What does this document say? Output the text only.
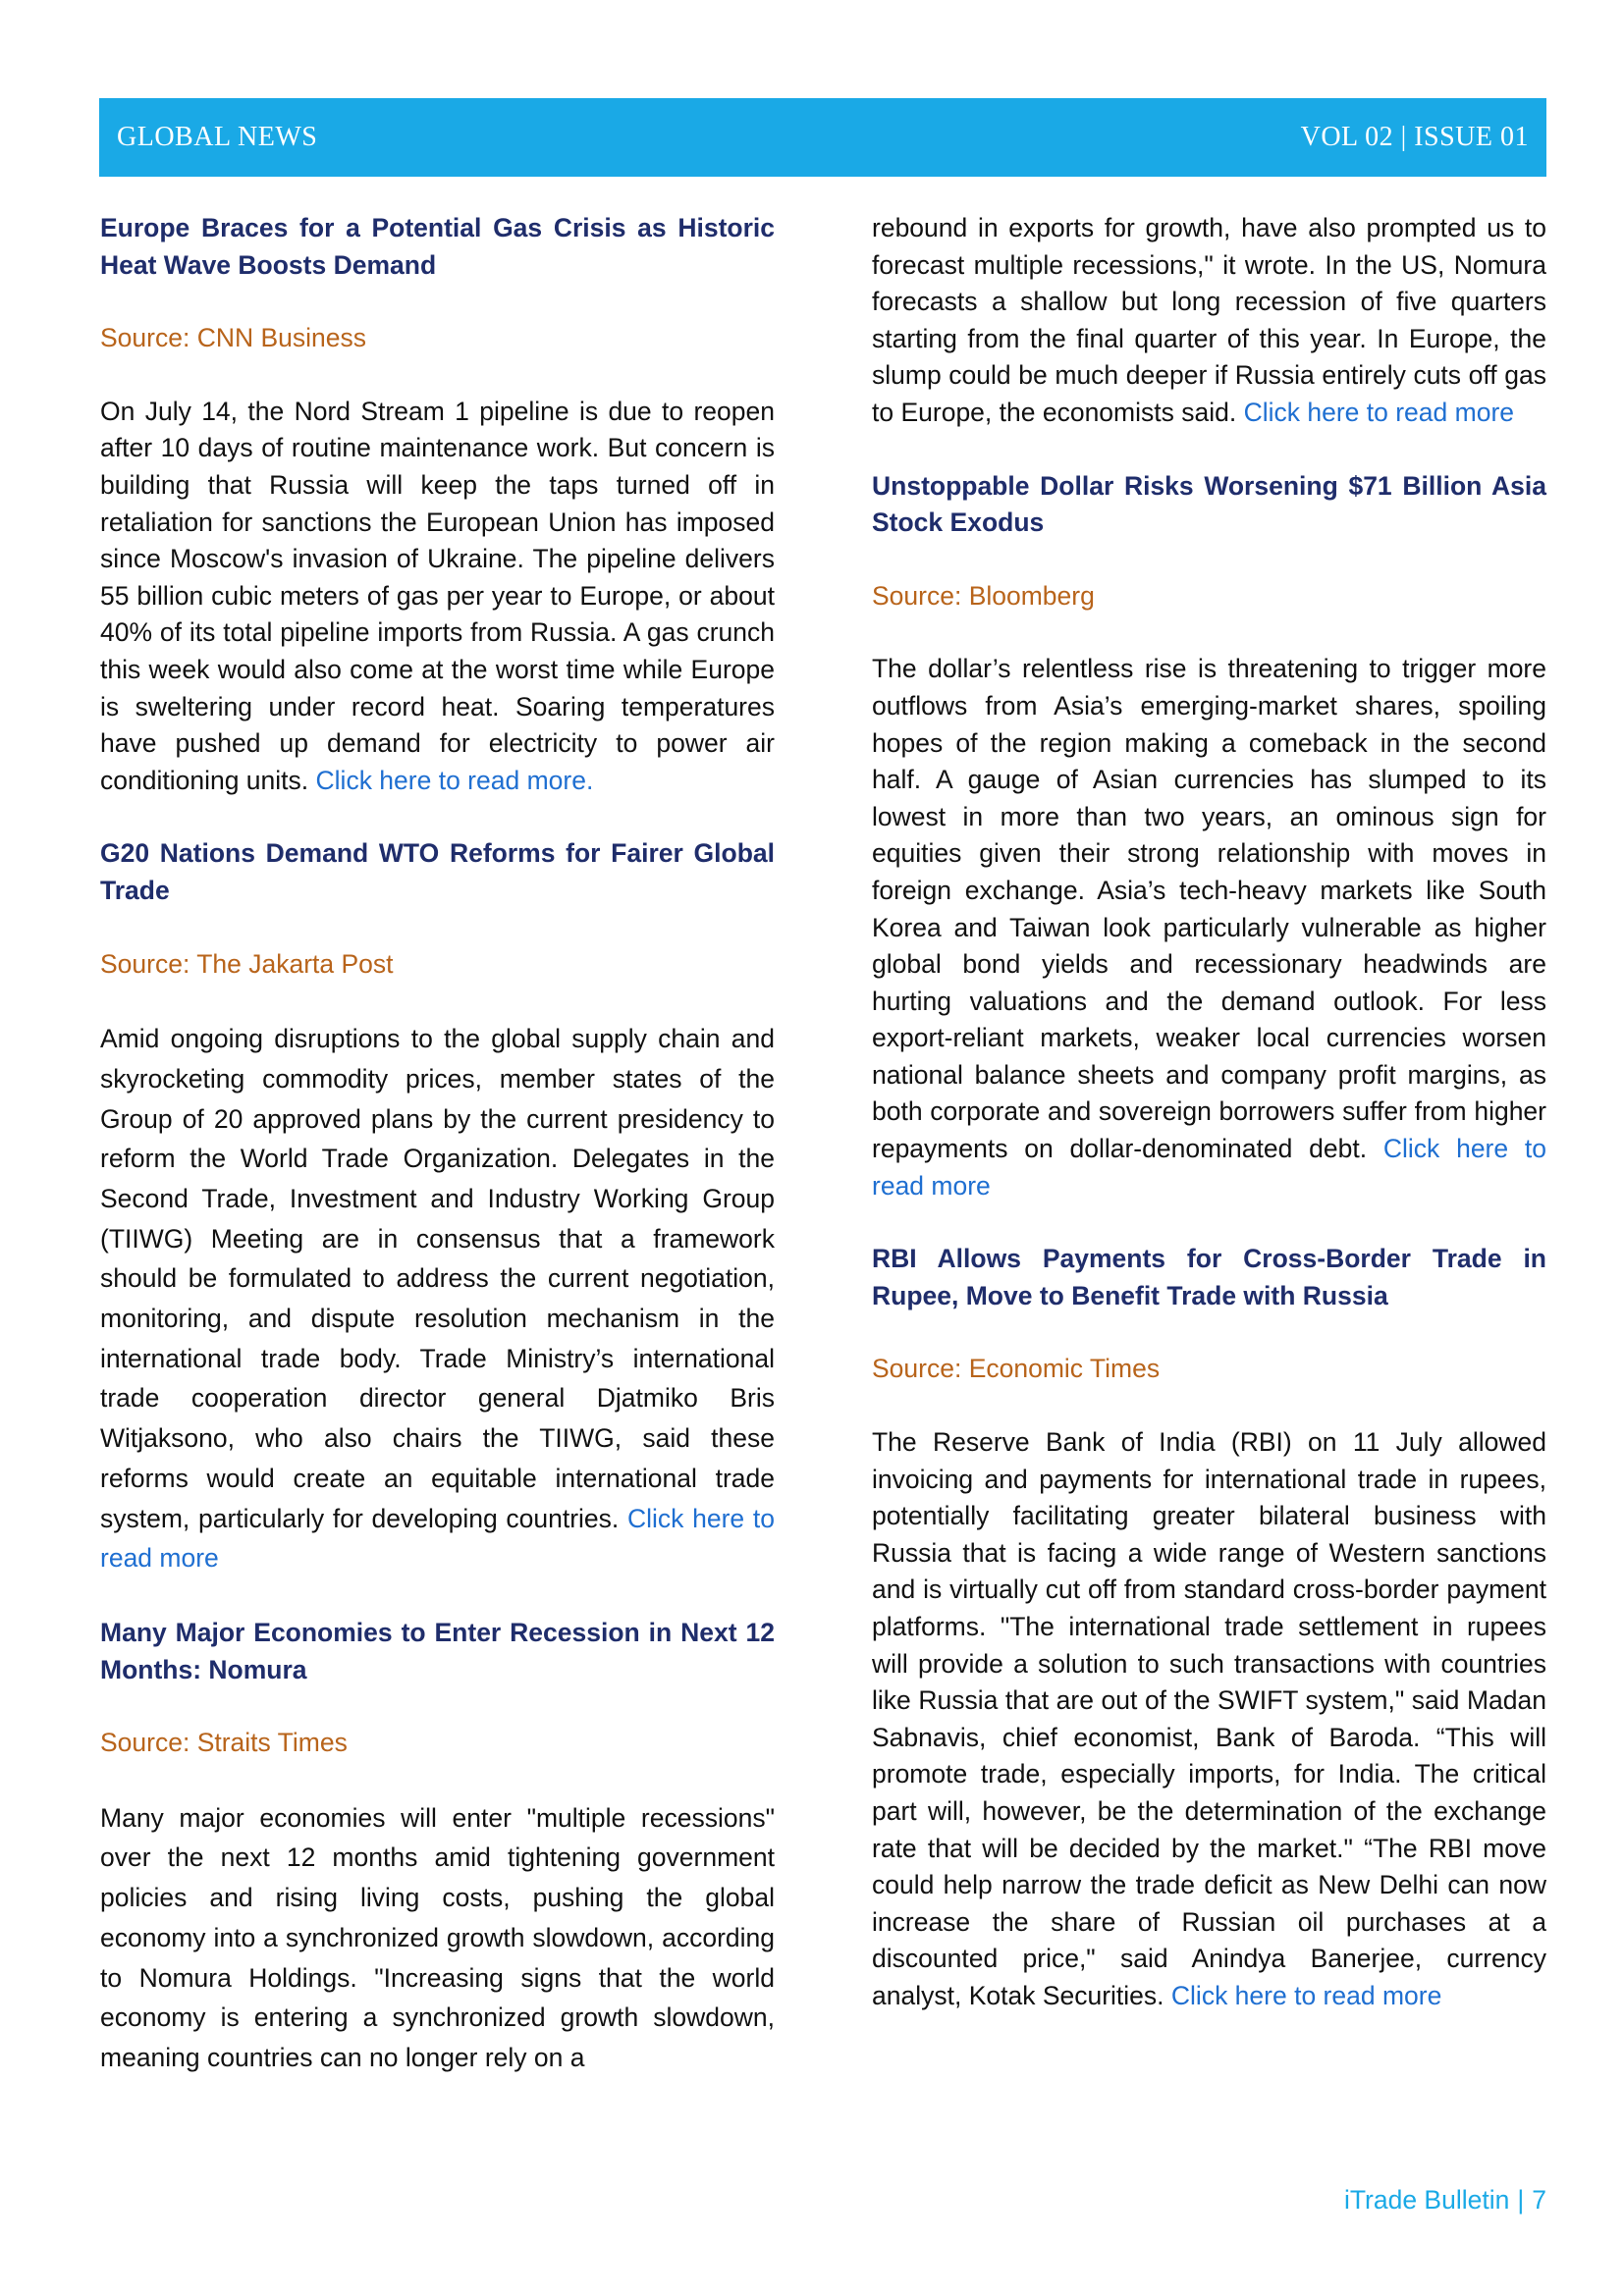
GLOBAL NEWS	VOL 02 | ISSUE 01

Europe Braces for a Potential Gas Crisis as Historic Heat Wave Boosts Demand

Source: CNN Business

On July 14, the Nord Stream 1 pipeline is due to reopen after 10 days of routine maintenance work. But concern is building that Russia will keep the taps turned off in retaliation for sanctions the European Union has imposed since Moscow's invasion of Ukraine. The pipeline delivers 55 billion cubic meters of gas per year to Europe, or about 40% of its total pipeline imports from Russia. A gas crunch this week would also come at the worst time while Europe is sweltering under record heat. Soaring temperatures have pushed up demand for electricity to power air conditioning units. Click here to read more.

G20 Nations Demand WTO Reforms for Fairer Global Trade

Source: The Jakarta Post

Amid ongoing disruptions to the global supply chain and skyrocketing commodity prices, member states of the Group of 20 approved plans by the current presidency to reform the World Trade Organization. Delegates in the Second Trade, Investment and Industry Working Group (TIIWG) Meeting are in consensus that a framework should be formulated to address the current negotiation, monitoring, and dispute resolution mechanism in the international trade body. Trade Ministry’s international trade cooperation director general Djatmiko Bris Witjaksono, who also chairs the TIIWG, said these reforms would create an equitable international trade system, particularly for developing countries. Click here to read more

Many Major Economies to Enter Recession in Next 12 Months: Nomura

Source: Straits Times

Many major economies will enter "multiple recessions" over the next 12 months amid tightening government policies and rising living costs, pushing the global economy into a synchronized growth slowdown, according to Nomura Holdings. "Increasing signs that the world economy is entering a synchronized growth slowdown, meaning countries can no longer rely on a

rebound in exports for growth, have also prompted us to forecast multiple recessions," it wrote. In the US, Nomura forecasts a shallow but long recession of five quarters starting from the final quarter of this year. In Europe, the slump could be much deeper if Russia entirely cuts off gas to Europe, the economists said. Click here to read more

Unstoppable Dollar Risks Worsening $71 Billion Asia Stock Exodus

Source: Bloomberg

The dollar’s relentless rise is threatening to trigger more outflows from Asia’s emerging-market shares, spoiling hopes of the region making a comeback in the second half. A gauge of Asian currencies has slumped to its lowest in more than two years, an ominous sign for equities given their strong relationship with moves in foreign exchange. Asia’s tech-heavy markets like South Korea and Taiwan look particularly vulnerable as higher global bond yields and recessionary headwinds are hurting valuations and the demand outlook. For less export-reliant markets, weaker local currencies worsen national balance sheets and company profit margins, as both corporate and sovereign borrowers suffer from higher repayments on dollar-denominated debt. Click here to read more

RBI Allows Payments for Cross-Border Trade in Rupee, Move to Benefit Trade with Russia

Source: Economic Times

The Reserve Bank of India (RBI) on 11 July allowed invoicing and payments for international trade in rupees, potentially facilitating greater bilateral business with Russia that is facing a wide range of Western sanctions and is virtually cut off from standard cross-border payment platforms. "The international trade settlement in rupees will provide a solution to such transactions with countries like Russia that are out of the SWIFT system," said Madan Sabnavis, chief economist, Bank of Baroda. “This will promote trade, especially imports, for India. The critical part will, however, be the determination of the exchange rate that will be decided by the market." “The RBI move could help narrow the trade deficit as New Delhi can now increase the share of Russian oil purchases at a discounted price," said Anindya Banerjee, currency analyst, Kotak Securities. Click here to read more

iTrade Bulletin | 7
